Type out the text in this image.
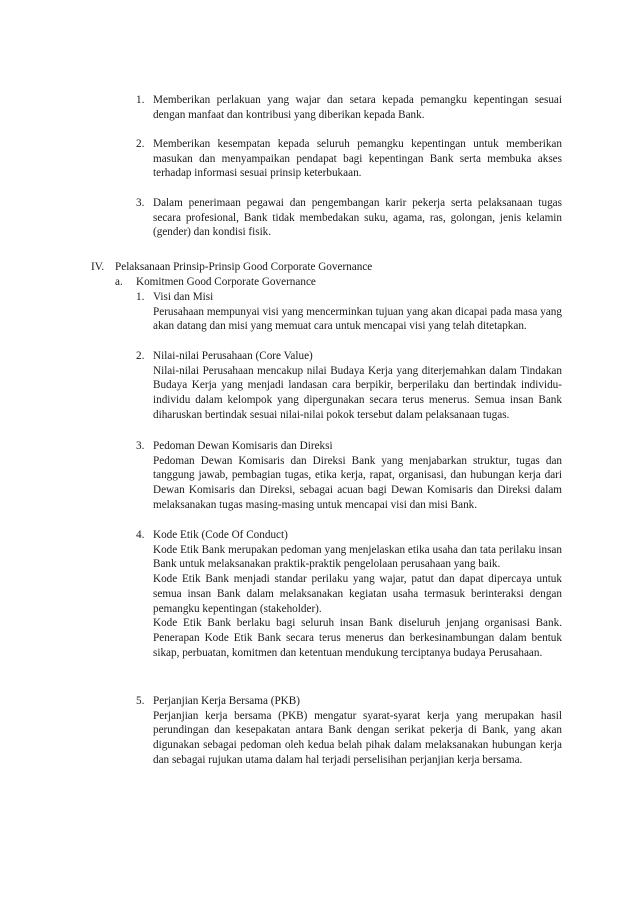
1. Memberikan perlakuan yang wajar dan setara kepada pemangku kepentingan sesuai dengan manfaat dan kontribusi yang diberikan kepada Bank.
2. Memberikan kesempatan kepada seluruh pemangku kepentingan untuk memberikan masukan dan menyampaikan pendapat bagi kepentingan Bank serta membuka akses terhadap informasi sesuai prinsip keterbukaan.
3. Dalam penerimaan pegawai dan pengembangan karir pekerja serta pelaksanaan tugas secara profesional, Bank tidak membedakan suku, agama, ras, golongan, jenis kelamin (gender) dan kondisi fisik.
IV. Pelaksanaan Prinsip-Prinsip Good Corporate Governance
a. Komitmen Good Corporate Governance
1. Visi dan Misi
Perusahaan mempunyai visi yang mencerminkan tujuan yang akan dicapai pada masa yang akan datang dan misi yang memuat cara untuk mencapai visi yang telah ditetapkan.
2. Nilai-nilai Perusahaan (Core Value)
Nilai-nilai Perusahaan mencakup nilai Budaya Kerja yang diterjemahkan dalam Tindakan Budaya Kerja yang menjadi landasan cara berpikir, berperilaku dan bertindak individu-individu dalam kelompok yang dipergunakan secara terus menerus. Semua insan Bank diharuskan bertindak sesuai nilai-nilai pokok tersebut dalam pelaksanaan tugas.
3. Pedoman Dewan Komisaris dan Direksi
Pedoman Dewan Komisaris dan Direksi Bank yang menjabarkan struktur, tugas dan tanggung jawab, pembagian tugas, etika kerja, rapat, organisasi, dan hubungan kerja dari Dewan Komisaris dan Direksi, sebagai acuan bagi Dewan Komisaris dan Direksi dalam melaksanakan tugas masing-masing untuk mencapai visi dan misi Bank.
4. Kode Etik (Code Of Conduct)
Kode Etik Bank merupakan pedoman yang menjelaskan etika usaha dan tata perilaku insan Bank untuk melaksanakan praktik-praktik pengelolaan perusahaan yang baik.
Kode Etik Bank menjadi standar perilaku yang wajar, patut dan dapat dipercaya untuk semua insan Bank dalam melaksanakan kegiatan usaha termasuk berinteraksi dengan pemangku kepentingan (stakeholder).
Kode Etik Bank berlaku bagi seluruh insan Bank diseluruh jenjang organisasi Bank. Penerapan Kode Etik Bank secara terus menerus dan berkesinambungan dalam bentuk sikap, perbuatan, komitmen dan ketentuan mendukung terciptanya budaya Perusahaan.
5. Perjanjian Kerja Bersama (PKB)
Perjanjian kerja bersama (PKB) mengatur syarat-syarat kerja yang merupakan hasil perundingan dan kesepakatan antara Bank dengan serikat pekerja di Bank, yang akan digunakan sebagai pedoman oleh kedua belah pihak dalam melaksanakan hubungan kerja dan sebagai rujukan utama dalam hal terjadi perselisihan perjanjian kerja bersama.
